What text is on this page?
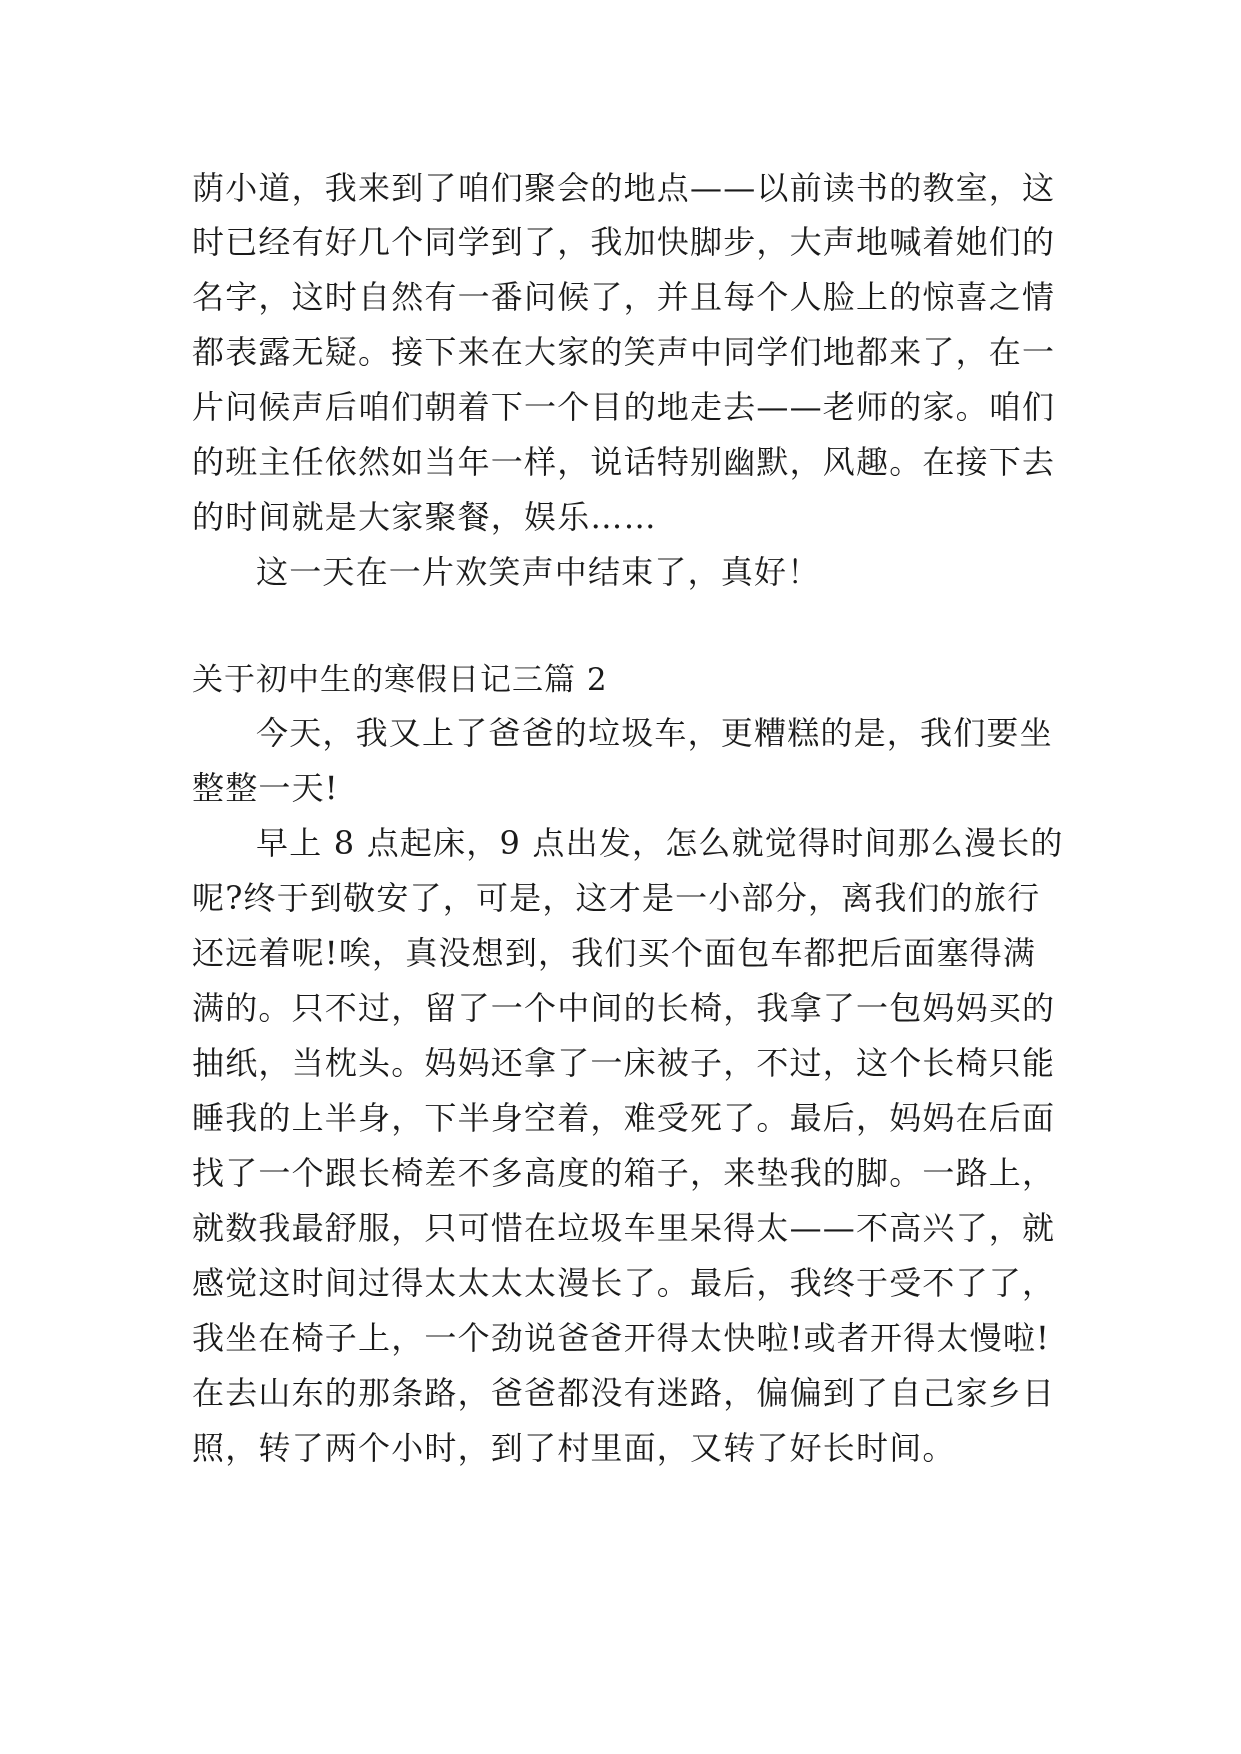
荫小道，我来到了咱们聚会的地点——以前读书的教室，这
时已经有好几个同学到了，我加快脚步，大声地喊着她们的
名字，这时自然有一番问候了，并且每个人脸上的惊喜之情
都表露无疑。接下来在大家的笑声中同学们地都来了，在一
片问候声后咱们朝着下一个目的地走去——老师的家。咱们
的班主任依然如当年一样，说话特别幽默，风趣。在接下去
的时间就是大家聚餐，娱乐……
这一天在一片欢笑声中结束了，真好！
关于初中生的寒假日记三篇 2
今天，我又上了爸爸的垃圾车，更糟糕的是，我们要坐
整整一天!
早上 8 点起床，9 点出发，怎么就觉得时间那么漫长的
呢?终于到敬安了，可是，这才是一小部分，离我们的旅行
还远着呢!唉，真没想到，我们买个面包车都把后面塞得满
满的。只不过，留了一个中间的长椅，我拿了一包妈妈买的
抽纸，当枕头。妈妈还拿了一床被子，不过，这个长椅只能
睡我的上半身，下半身空着，难受死了。最后，妈妈在后面
找了一个跟长椅差不多高度的箱子，来垫我的脚。一路上，
就数我最舒服，只可惜在垃圾车里呆得太——不高兴了，就
感觉这时间过得太太太太漫长了。最后，我终于受不了了，
我坐在椅子上，一个劲说爸爸开得太快啦!或者开得太慢啦!
在去山东的那条路，爸爸都没有迷路，偏偏到了自己家乡日
照，转了两个小时，到了村里面，又转了好长时间。
